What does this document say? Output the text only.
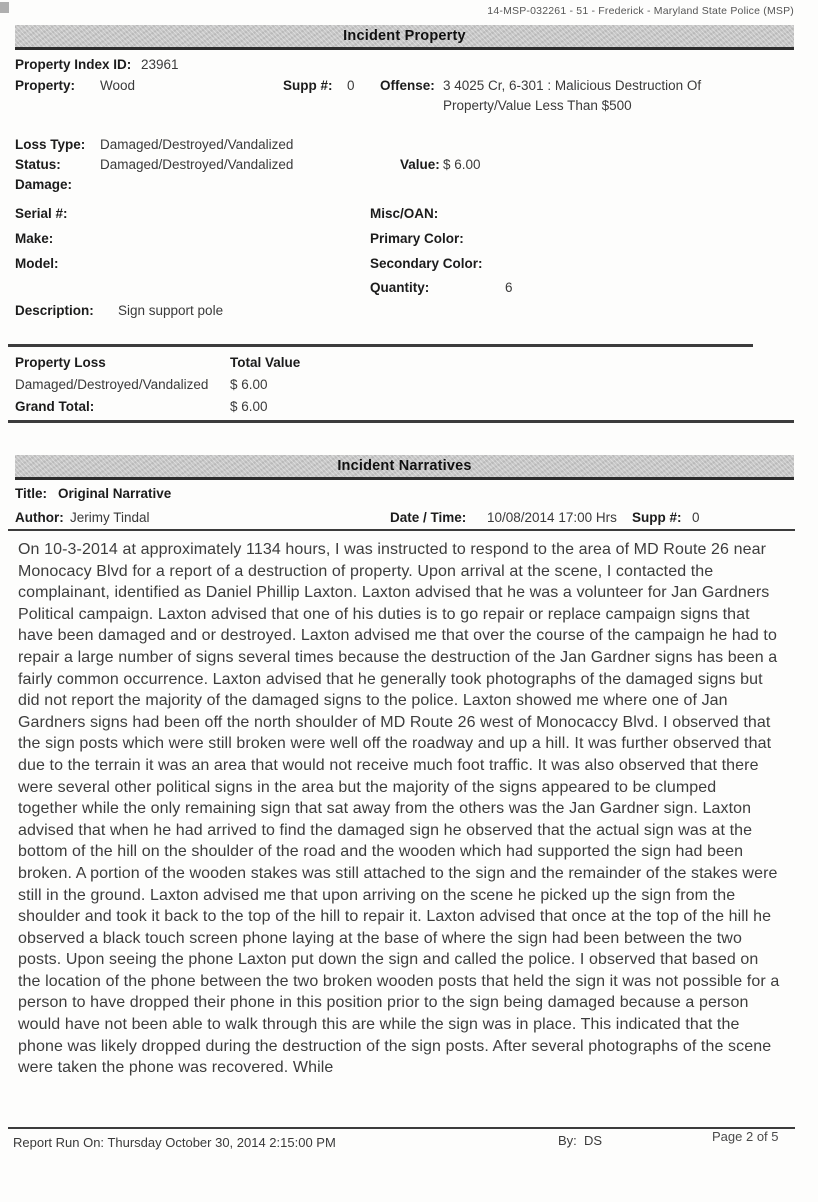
14-MSP-032261 - 51 - Frederick - Maryland State Police (MSP)
Incident Property
Property Index ID: 23961
Property: Wood	Supp #: 0 Offense: 3 4025 Cr, 6-301 : Malicious Destruction Of
Property/Value Less Than $500
Loss Type: Damaged/Destroyed/Vandalized
Status:	Damaged/Destroyed/Vandalized	Value: $ 6.00
Damage:
Serial #:	Misc/OAN:
Make:	Primary Color:
Model:	Secondary Color:
Quantity:	6
Description: Sign support pole
Property Loss	Total Value
Damaged/Destroyed/Vandalized $ 6.00
Grand Total:	$ 6.00
Incident Narratives
Title: Original Narrative
Author: Jerimy Tindal	Date / Time: 10/08/2014 17:00 Hrs Supp #: 0
On 10-3-2014 at approximately 1134 hours, I was instructed to respond to the area of MD Route 26 near Monocacy Blvd for a report of a destruction of property. Upon arrival at the scene, I contacted the complainant, identified as Daniel Phillip Laxton. Laxton advised that he was a volunteer for Jan Gardners Political campaign. Laxton advised that one of his duties is to go repair or replace campaign signs that have been damaged and or destroyed. Laxton advised me that over the course of the campaign he had to repair a large number of signs several times because the destruction of the Jan Gardner signs has been a fairly common occurrence. Laxton advised that he generally took photographs of the damaged signs but did not report the majority of the damaged signs to the police. Laxton showed me where one of Jan Gardners signs had been off the north shoulder of MD Route 26 west of Monocaccy Blvd. I observed that the sign posts which were still broken were well off the roadway and up a hill. It was further observed that due to the terrain it was an area that would not receive much foot traffic. It was also observed that there were several other political signs in the area but the majority of the signs appeared to be clumped together while the only remaining sign that sat away from the others was the Jan Gardner sign. Laxton advised that when he had arrived to find the damaged sign he observed that the actual sign was at the bottom of the hill on the shoulder of the road and the wooden which had supported the sign had been broken. A portion of the wooden stakes was still attached to the sign and the remainder of the stakes were still in the ground. Laxton advised me that upon arriving on the scene he picked up the sign from the shoulder and took it back to the top of the hill to repair it. Laxton advised that once at the top of the hill he observed a black touch screen phone laying at the base of where the sign had been between the two posts. Upon seeing the phone Laxton put down the sign and called the police. I observed that based on the location of the phone between the two broken wooden posts that held the sign it was not possible for a person to have dropped their phone in this position prior to the sign being damaged because a person would have not been able to walk through this are while the sign was in place. This indicated that the phone was likely dropped during the destruction of the sign posts. After several photographs of the scene were taken the phone was recovered. While
Report Run On: Thursday October 30, 2014 2:15:00 PM	By: DS	Page 2 of 5
